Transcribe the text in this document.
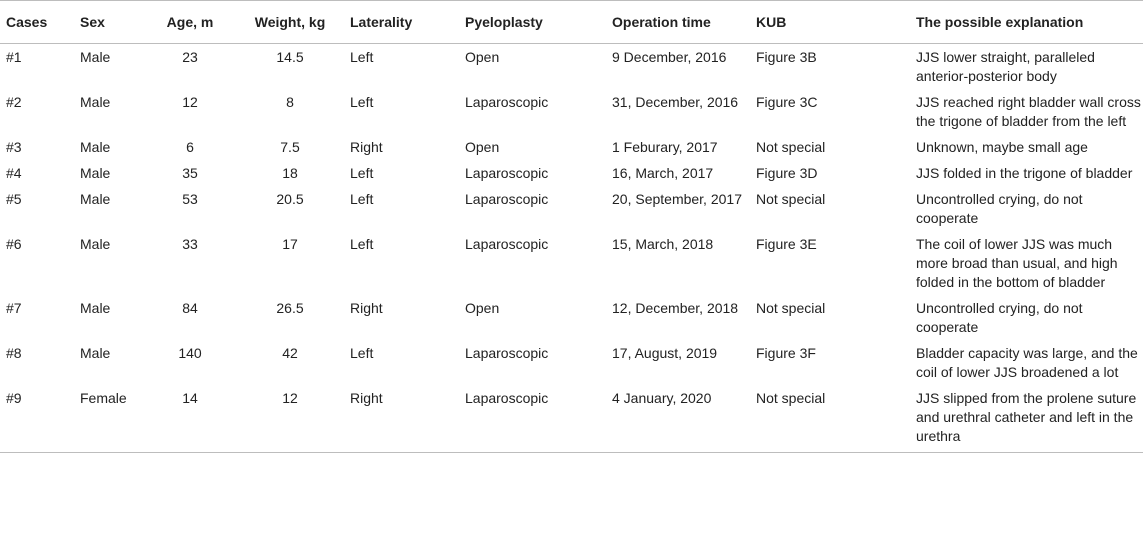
Cases	Sex	Age, m	Weight, kg	Laterality	Pyeloplasty	Operation time	KUB	The possible explanation
#1	Male	23	14.5	Left	Open	9 December, 2016	Figure 3B	JJS lower straight, paralleled anterior-posterior body
#2	Male	12	8	Left	Laparoscopic	31, December, 2016	Figure 3C	JJS reached right bladder wall cross the trigone of bladder from the left
#3	Male	6	7.5	Right	Open	1 Feburary, 2017	Not special	Unknown, maybe small age
#4	Male	35	18	Left	Laparoscopic	16, March, 2017	Figure 3D	JJS folded in the trigone of bladder
#5	Male	53	20.5	Left	Laparoscopic	20, September, 2017	Not special	Uncontrolled crying, do not cooperate
#6	Male	33	17	Left	Laparoscopic	15, March, 2018	Figure 3E	The coil of lower JJS was much more broad than usual, and high folded in the bottom of bladder
#7	Male	84	26.5	Right	Open	12, December, 2018	Not special	Uncontrolled crying, do not cooperate
#8	Male	140	42	Left	Laparoscopic	17, August, 2019	Figure 3F	Bladder capacity was large, and the coil of lower JJS broadened a lot
#9	Female	14	12	Right	Laparoscopic	4 January, 2020	Not special	JJS slipped from the prolene suture and urethral catheter and left in the urethra
